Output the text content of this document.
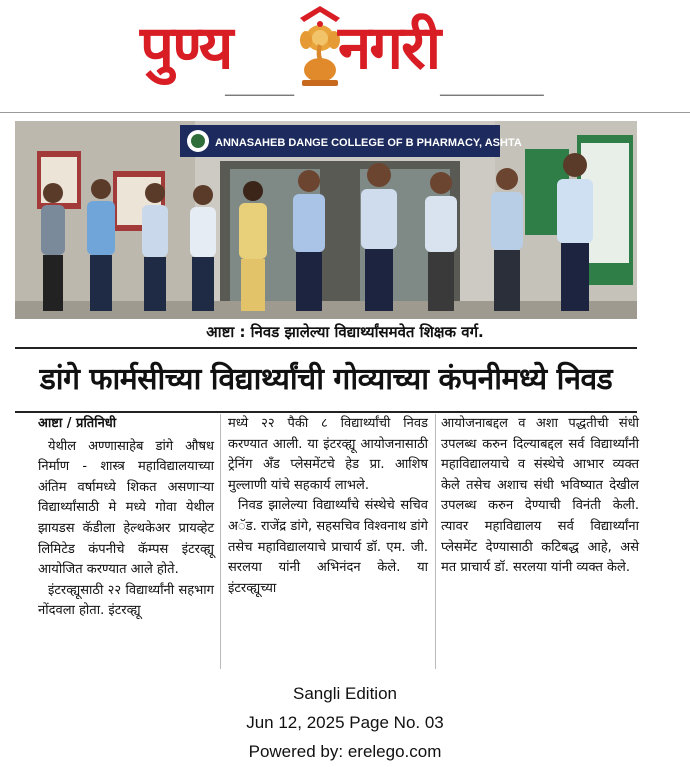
पुण्य नगरी
▔▔▔▔▔▔▔▔▔▔	▔▔▔▔▔▔▔▔▔▔▔▔▔▔▔
ANNASAHEB DANGE COLLEGE OF B PHARMACY, ASHTA
आष्टा : निवड झालेल्या विद्यार्थ्यांसमवेत शिक्षक वर्ग.
डांगे फार्मसीच्या विद्यार्थ्यांची गोव्याच्या कंपनीमध्ये निवड
आष्टा / प्रतिनिधी

येथील अण्णासाहेब डांगे औषध निर्माण - शास्त्र महाविद्यालयाच्या अंतिम वर्षामध्ये शिकत असणाऱ्या विद्यार्थ्यांसाठी मे मध्ये गोवा येथील झायडस कॅडीला हेल्थकेअर प्रायव्हेट लिमिटेड कंपनीचे कॅम्पस इंटरव्ह्यू आयोजित करण्यात आले होते.

इंटरव्ह्यूसाठी २२ विद्यार्थ्यांनी सहभाग नोंदवला होता. इंटरव्ह्यू

मध्ये २२ पैकी ८ विद्यार्थ्यांची निवड करण्यात आली. या इंटरव्ह्यू आयोजनासाठी ट्रेनिंग अँड प्लेसमेंटचे हेड प्रा. आशिष मुल्लाणी यांचे सहकार्य लाभले.

निवड झालेल्या विद्यार्थ्यांचे संस्थेचे सचिव अॅड. राजेंद्र डांगे, सहसचिव विश्वनाथ डांगे तसेच महाविद्यालयाचे प्राचार्य डॉ. एम. जी. सरलया यांनी अभिनंदन केले. या इंटरव्ह्यूच्या

आयोजनाबद्दल व अशा पद्धतीची संधी उपलब्ध करुन दिल्याबद्दल सर्व विद्यार्थ्यांनी महाविद्यालयाचे व संस्थेचे आभार व्यक्त केले तसेच अशाच संधी भविष्यात देखील उपलब्ध करुन देण्याची विनंती केली. त्यावर महाविद्यालय सर्व विद्यार्थ्यांना प्लेसमेंट देण्यासाठी कटिबद्ध आहे, असे मत प्राचार्य डॉ. सरलया यांनी व्यक्त केले.

Sangli Edition
Jun 12, 2025 Page No. 03
Powered by: erelego.com
